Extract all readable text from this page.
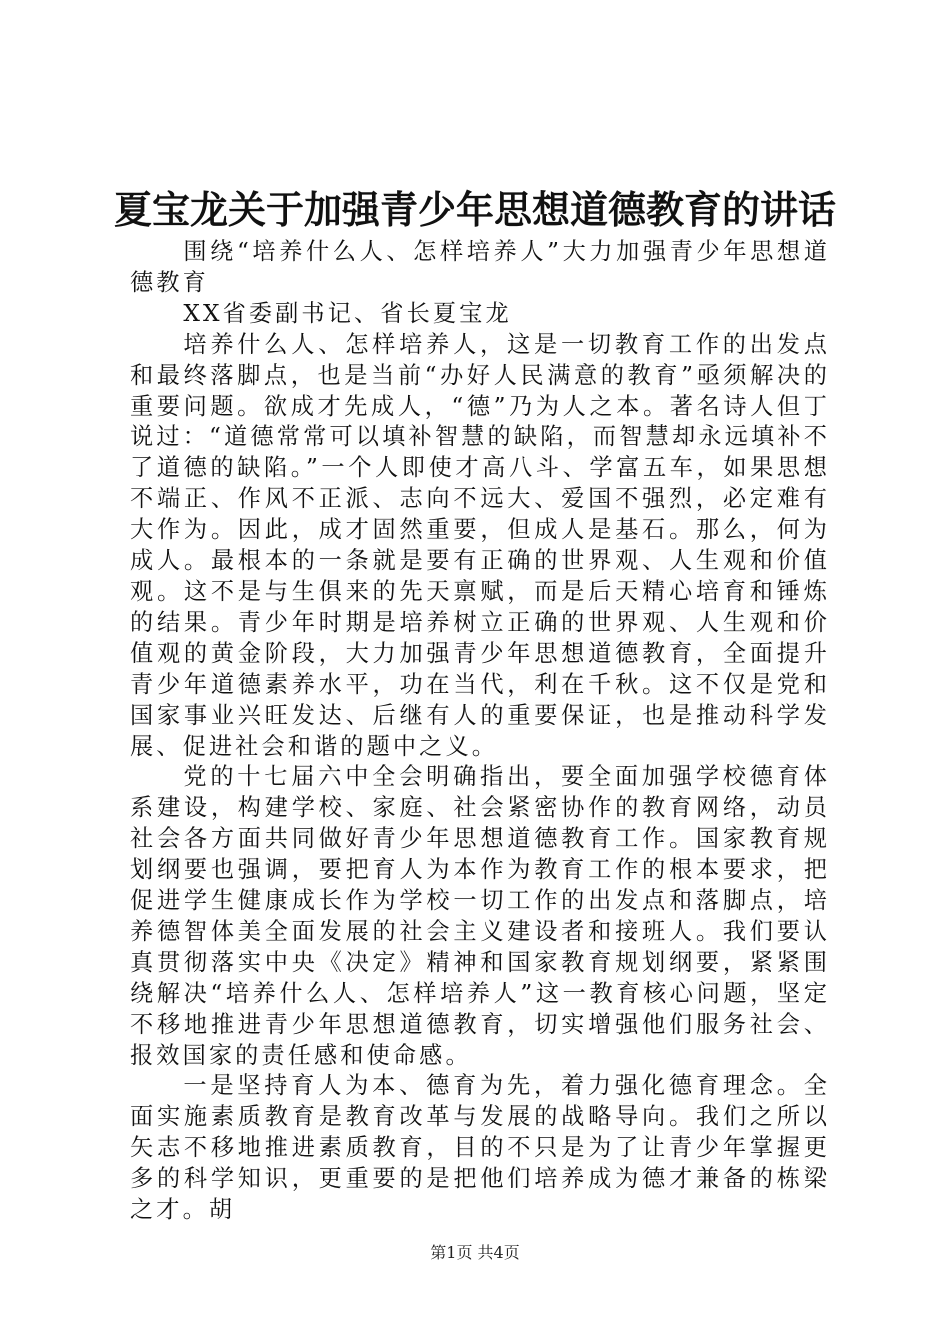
夏宝龙关于加强青少年思想道德教育的讲话

围绕“培养什么人、怎样培养人”大力加强青少年思想道德教育

XX省委副书记、省长夏宝龙

培养什么人、怎样培养人，这是一切教育工作的出发点和最终落脚点，也是当前“办好人民满意的教育”亟须解决的重要问题。欲成才先成人，“德”乃为人之本。著名诗人但丁说过：“道德常常可以填补智慧的缺陷，而智慧却永远填补不了道德的缺陷。”一个人即使才高八斗、学富五车，如果思想不端正、作风不正派、志向不远大、爱国不强烈，必定难有大作为。因此，成才固然重要，但成人是基石。那么，何为成人。最根本的一条就是要有正确的世界观、人生观和价值观。这不是与生俱来的先天禀赋，而是后天精心培育和锤炼的结果。青少年时期是培养树立正确的世界观、人生观和价值观的黄金阶段，大力加强青少年思想道德教育，全面提升青少年道德素养水平，功在当代，利在千秋。这不仅是党和国家事业兴旺发达、后继有人的重要保证，也是推动科学发展、促进社会和谐的题中之义。

党的十七届六中全会明确指出，要全面加强学校德育体系建设，构建学校、家庭、社会紧密协作的教育网络，动员社会各方面共同做好青少年思想道德教育工作。国家教育规划纲要也强调，要把育人为本作为教育工作的根本要求，把促进学生健康成长作为学校一切工作的出发点和落脚点，培养德智体美全面发展的社会主义建设者和接班人。我们要认真贯彻落实中央《决定》精神和国家教育规划纲要，紧紧围绕解决“培养什么人、怎样培养人”这一教育核心问题，坚定不移地推进青少年思想道德教育，切实增强他们服务社会、报效国家的责任感和使命感。

一是坚持育人为本、德育为先，着力强化德育理念。全面实施素质教育是教育改革与发展的战略导向。我们之所以矢志不移地推进素质教育，目的不只是为了让青少年掌握更多的科学知识，更重要的是把他们培养成为德才兼备的栋梁之才。胡

第1页 共4页
